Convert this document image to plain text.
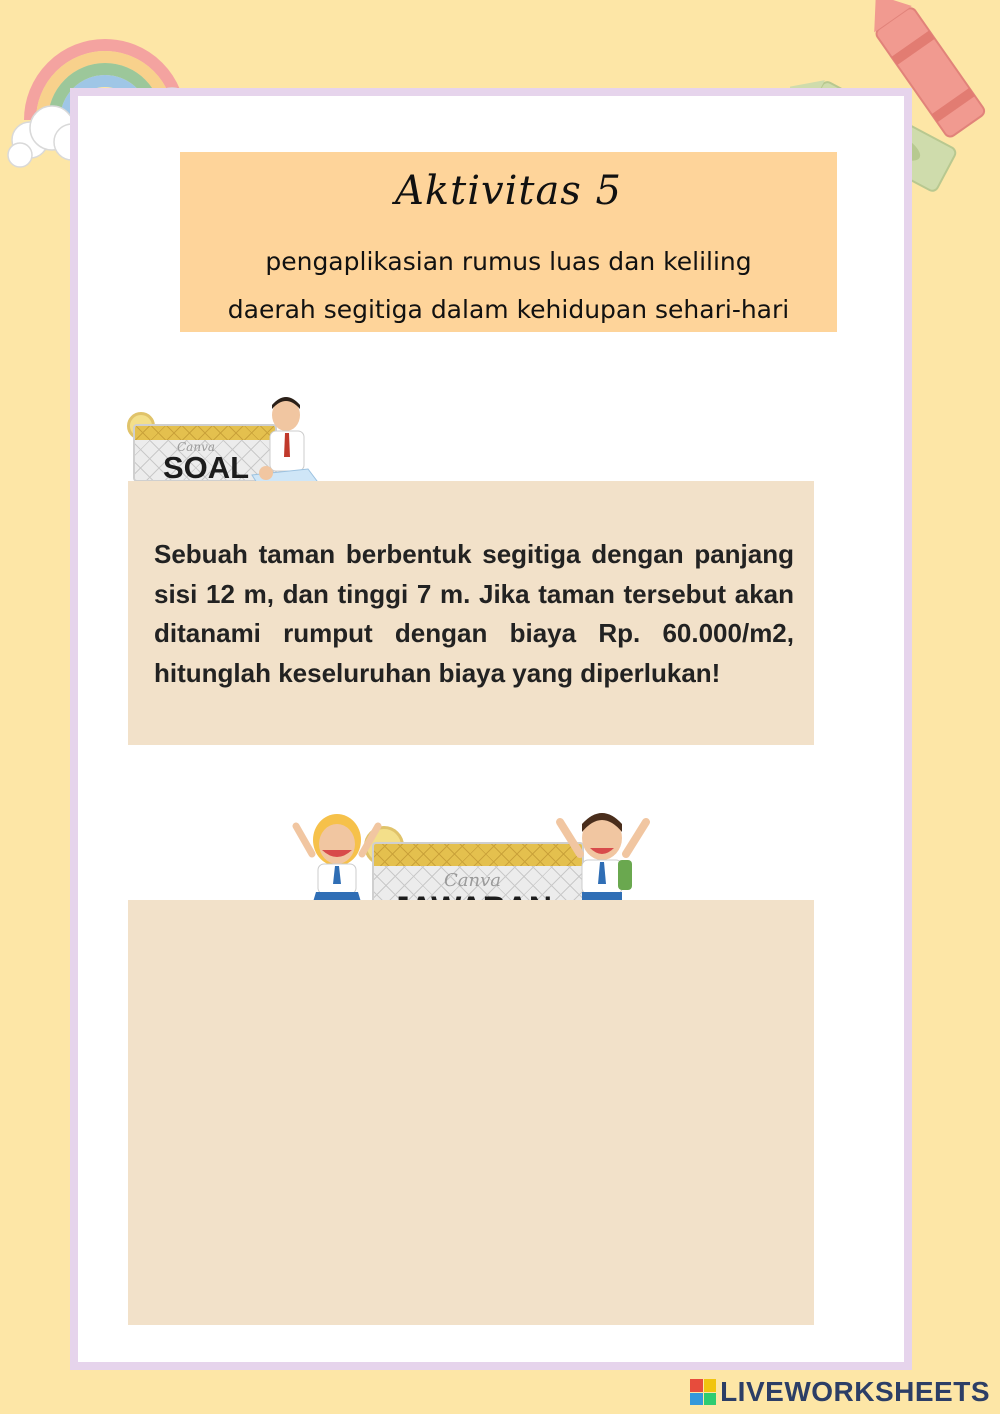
Aktivitas 5
pengaplikasian rumus luas dan keliling
daerah segitiga dalam kehidupan sehari-hari
Canva
SOAL
Sebuah taman berbentuk segitiga dengan panjang sisi 12 m, dan tinggi 7 m. Jika taman tersebut akan ditanami rumput dengan biaya Rp. 60.000/m2, hitunglah keseluruhan biaya yang diperlukan!
Canva
LIVEWORKSHEETS
